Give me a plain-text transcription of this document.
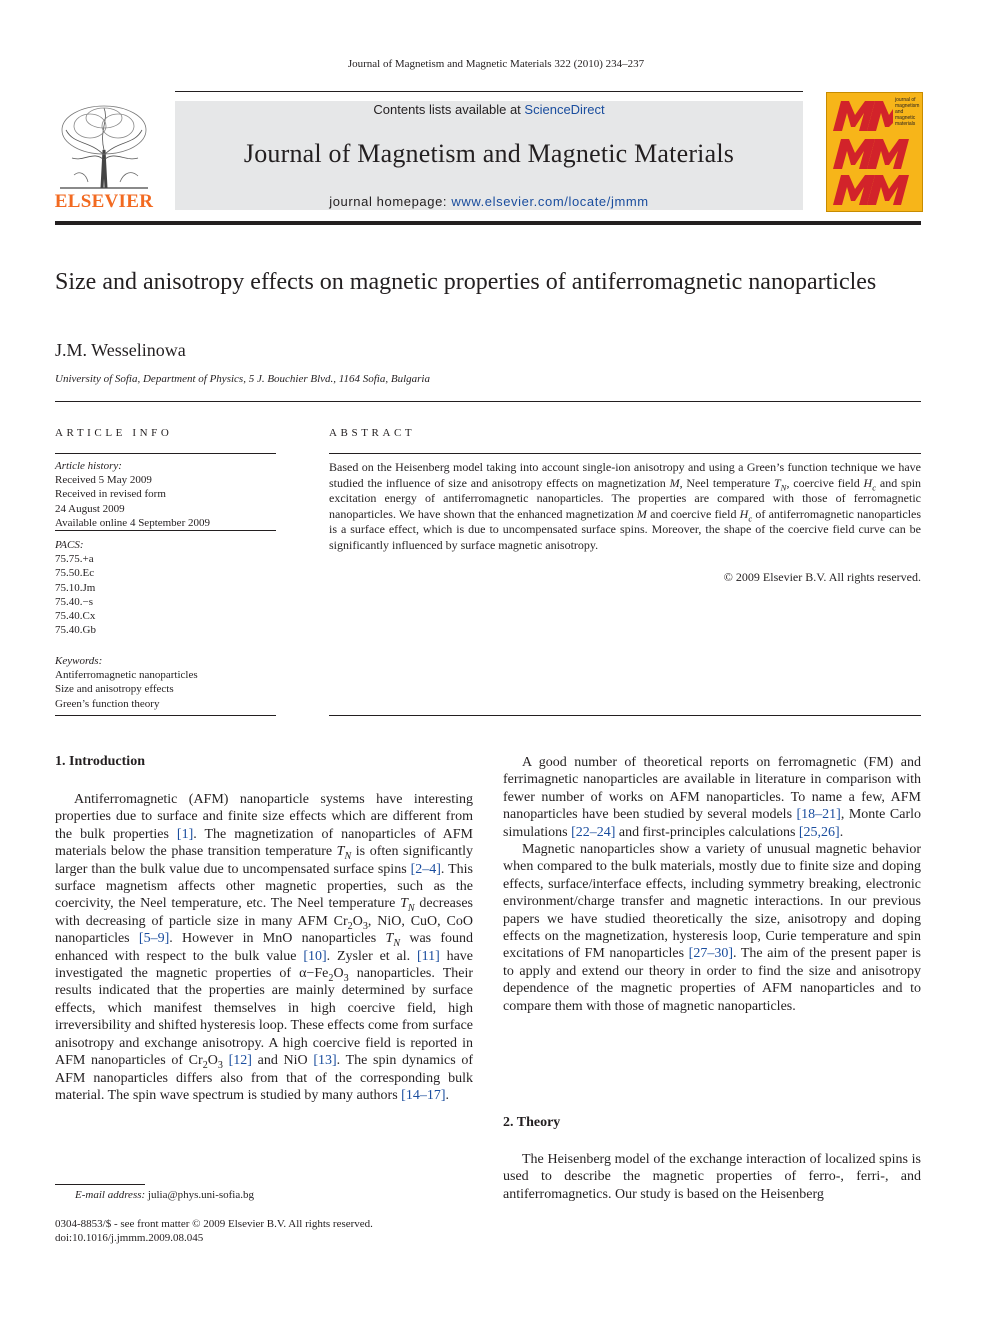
Journal of Magnetism and Magnetic Materials 322 (2010) 234–237
ELSEVIER
Contents lists available at ScienceDirect
Journal of Magnetism and Magnetic Materials
journal homepage: www.elsevier.com/locate/jmmm
journal of
magnetism
and
magnetic
materials
Size and anisotropy effects on magnetic properties of antiferromagnetic nanoparticles
J.M. Wesselinowa
University of Sofia, Department of Physics, 5 J. Bouchier Blvd., 1164 Sofia, Bulgaria
ARTICLE INFO
Article history:
Received 5 May 2009
Received in revised form
24 August 2009
Available online 4 September 2009
PACS:
75.75.+a
75.50.Ec
75.10.Jm
75.40.−s
75.40.Cx
75.40.Gb
Keywords:
Antiferromagnetic nanoparticles
Size and anisotropy effects
Green’s function theory
ABSTRACT
Based on the Heisenberg model taking into account single-ion anisotropy and using a Green’s function technique we have studied the influence of size and anisotropy effects on magnetization M, Neel temperature $T_N$, coercive field $H_c$ and spin excitation energy of antiferromagnetic nanoparticles. The properties are compared with those of ferromagnetic nanoparticles. We have shown that the enhanced magnetization M and coercive field $H_c$ of antiferromagnetic nanoparticles is a surface effect, which is due to uncompensated surface spins. Moreover, the shape of the coercive field curve can be significantly influenced by surface magnetic anisotropy.
© 2009 Elsevier B.V. All rights reserved.
1. Introduction

Antiferromagnetic (AFM) nanoparticle systems have interesting properties due to surface and finite size effects which are different from the bulk properties [1]. The magnetization of nanoparticles of AFM materials below the phase transition temperature $T_N$ is often significantly larger than the bulk value due to uncompensated surface spins [2–4]. This surface magnetism affects other magnetic properties, such as the coercivity, the Neel temperature, etc. The Neel temperature $T_N$ decreases with decreasing of particle size in many AFM $Cr_2O_3$, NiO, CuO, CoO nanoparticles [5–9]. However in MnO nanoparticles $T_N$ was found enhanced with respect to the bulk value [10]. Zysler et al. [11] have investigated the magnetic properties of $\alpha-Fe_2O_3$ nanoparticles. Their results indicated that the properties are mainly determined by surface effects, which manifest themselves in high coercive field, high irreversibility and shifted hysteresis loop. These effects come from surface anisotropy and exchange anisotropy. A high coercive field is reported in AFM nanoparticles of $Cr_2O_3$ [12] and NiO [13]. The spin dynamics of AFM nanoparticles differs also from that of the corresponding bulk material. The spin wave spectrum is studied by many authors [14–17].

A good number of theoretical reports on ferromagnetic (FM) and ferrimagnetic nanoparticles are available in literature in comparison with fewer number of works on AFM nanoparticles. To name a few, AFM nanoparticles have been studied by several models [18–21], Monte Carlo simulations [22–24] and first-principles calculations [25,26].

Magnetic nanoparticles show a variety of unusual magnetic behavior when compared to the bulk materials, mostly due to finite size and doping effects, surface/interface effects, including symmetry breaking, electronic environment/charge transfer and magnetic interactions. In our previous papers we have studied theoretically the size, anisotropy and doping effects on the magnetization, hysteresis loop, Curie temperature and spin excitations of FM nanoparticles [27–30]. The aim of the present paper is to apply and extend our theory in order to find the size and anisotropy dependence of the magnetic properties of AFM nanoparticles and to compare them with those of magnetic nanoparticles.

2. Theory

The Heisenberg model of the exchange interaction of localized spins is used to describe the magnetic properties of ferro-, ferri-, and antiferromagnetics. Our study is based on the Heisenberg

E-mail address: julia@phys.uni-sofia.bg
0304-8853/$ - see front matter © 2009 Elsevier B.V. All rights reserved.
doi:10.1016/j.jmmm.2009.08.045
